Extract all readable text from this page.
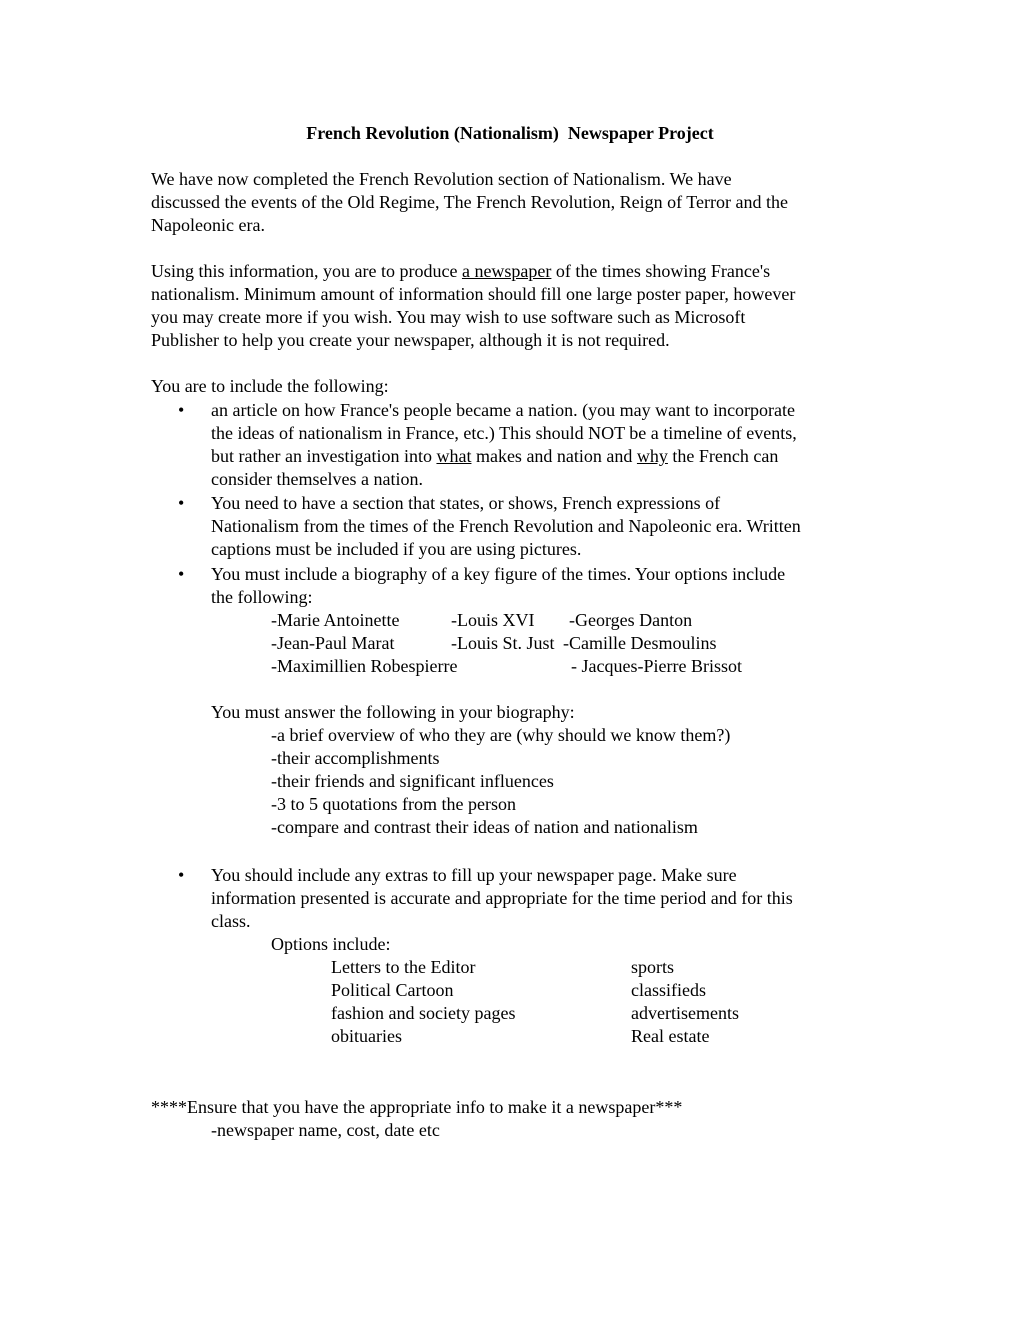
French Revolution (Nationalism)  Newspaper Project
We have now completed the French Revolution section of Nationalism. We have
discussed the events of the Old Regime, The French Revolution, Reign of Terror and the
Napoleonic era.
Using this information, you are to produce a newspaper of the times showing France's
nationalism. Minimum amount of information should fill one large poster paper, however
you may create more if you wish. You may wish to use software such as Microsoft
Publisher to help you create your newspaper, although it is not required.
You are to include the following:
• an article on how France's people became a nation. (you may want to incorporate
the ideas of nationalism in France, etc.) This should NOT be a timeline of events,
but rather an investigation into what makes and nation and why the French can
consider themselves a nation.
• You need to have a section that states, or shows, French expressions of
Nationalism from the times of the French Revolution and Napoleonic era. Written
captions must be included if you are using pictures.
• You must include a biography of a key figure of the times. Your options include
the following:
-Marie Antoinette	-Louis XVI -Georges Danton
-Jean-Paul Marat	-Louis St. Just -Camille Desmoulins
-Maximillien Robespierre	- Jacques-Pierre Brissot
You must answer the following in your biography:
-a brief overview of who they are (why should we know them?)
-their accomplishments
-their friends and significant influences
-3 to 5 quotations from the person
-compare and contrast their ideas of nation and nationalism
• You should include any extras to fill up your newspaper page. Make sure
information presented is accurate and appropriate for the time period and for this
class.
Options include:
Letters to the Editor	sports
Political Cartoon	classifieds
fashion and society pages	advertisements
obituaries	Real estate
****Ensure that you have the appropriate info to make it a newspaper***
-newspaper name, cost, date etc
